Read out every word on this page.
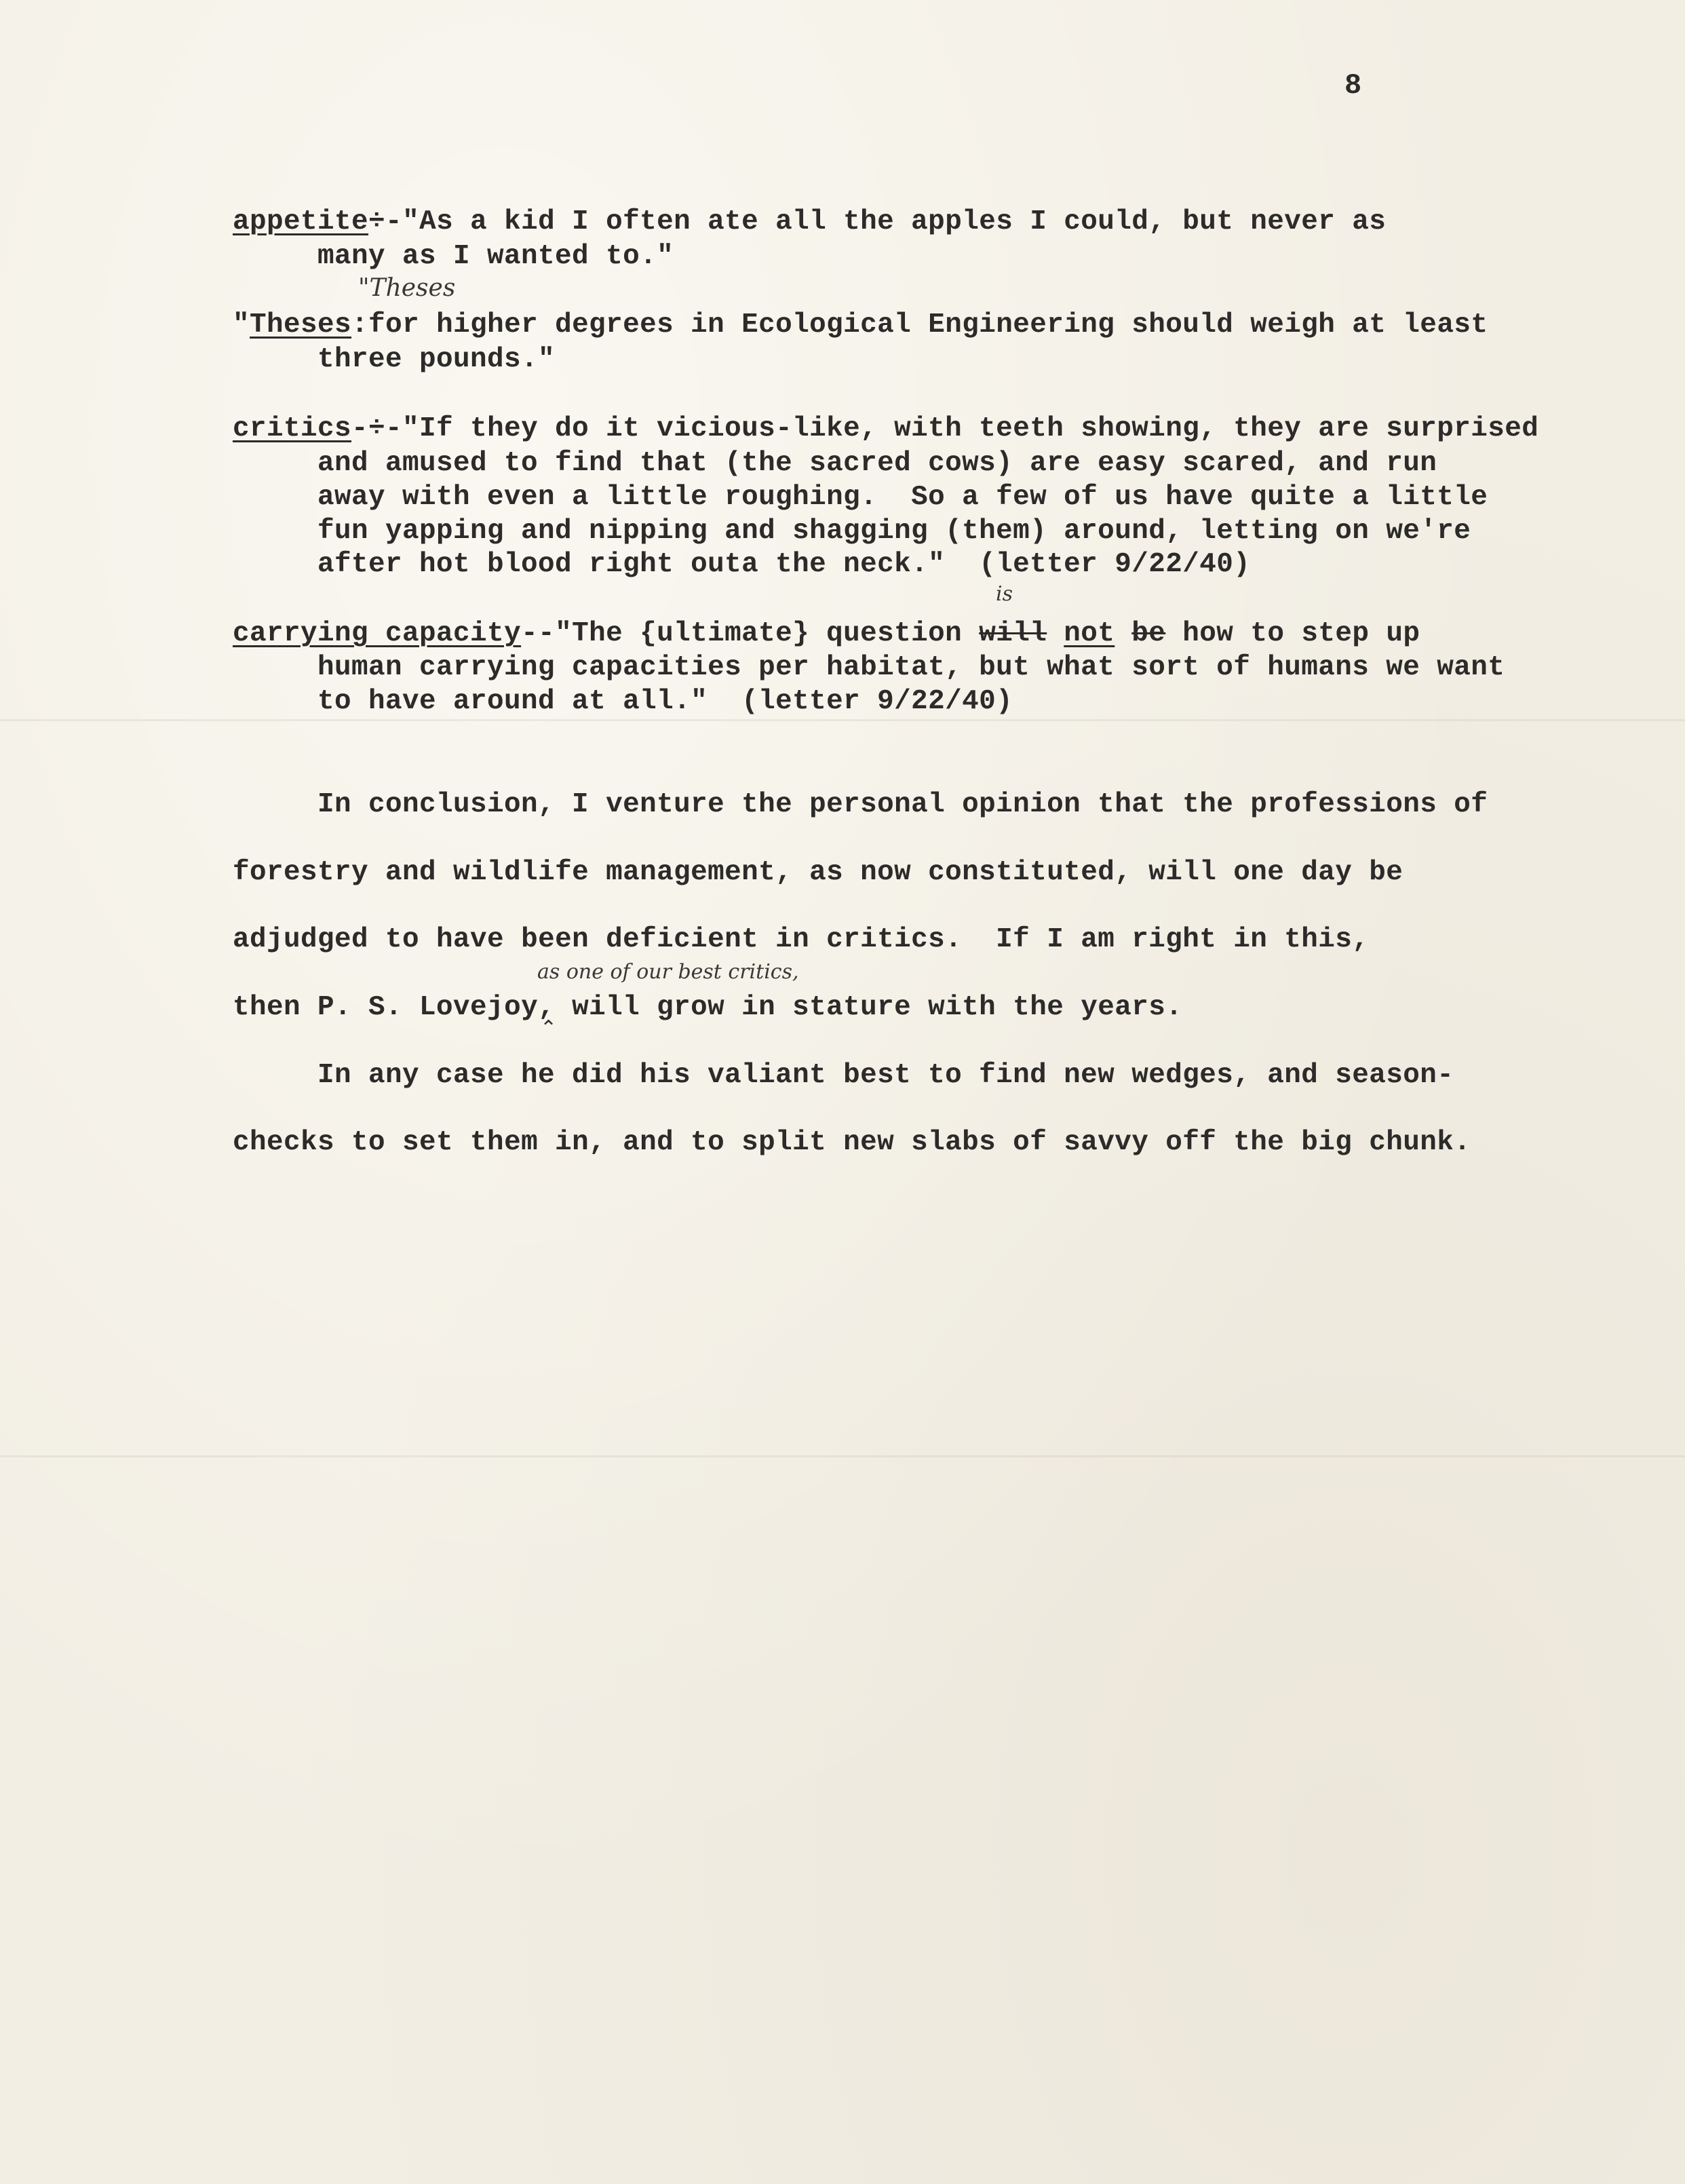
8
appetite÷-"As a kid I often ate all the apples I could, but never as
many as I wanted to."
"Theses
"Theses:for higher degrees in Ecological Engineering should weigh at least
three pounds."
critics-÷-"If they do it vicious-like, with teeth showing, they are surprised
and amused to find that (the sacred cows) are easy scared, and run
away with even a little roughing.  So a few of us have quite a little
fun yapping and nipping and shagging (them) around, letting on we're
after hot blood right outa the neck."  (letter 9/22/40)
is
carrying capacity--"The {ultimate} question will not be how to step up
human carrying capacities per habitat, but what sort of humans we want
to have around at all."  (letter 9/22/40)
In conclusion, I venture the personal opinion that the professions of
forestry and wildlife management, as now constituted, will one day be
adjudged to have been deficient in critics.  If I am right in this,
as one of our best critics,
⌃
then P. S. Lovejoy, will grow in stature with the years.
In any case he did his valiant best to find new wedges, and season-
checks to set them in, and to split new slabs of savvy off the big chunk.
